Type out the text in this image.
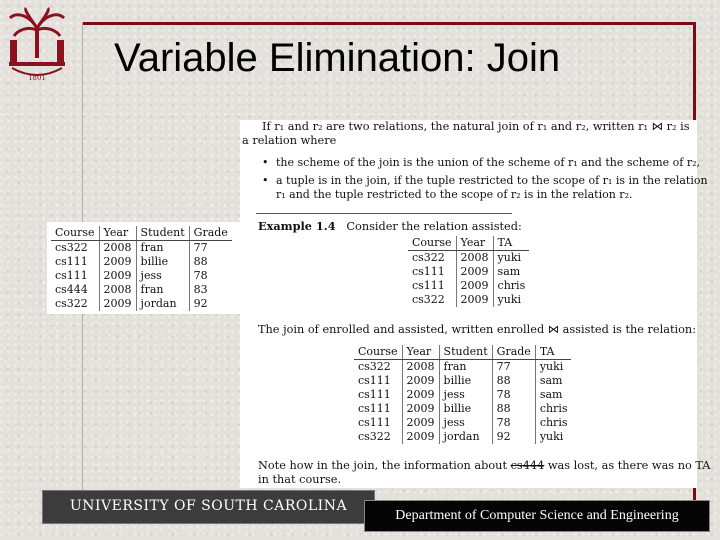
1801 Variable Elimination: Join
Course	Year	Student	Grade
cs322	2008	fran	77
cs111	2009	billie	88
cs111	2009	jess	78
cs444	2008	fran	83
cs322	2009	jordan	92
If r₁ and r₂ are two relations, the natural join of r₁ and r₂, written r₁ ⋈ r₂ is
a relation where
• the scheme of the join is the union of the scheme of r₁ and the scheme of r₂,
• a tuple is in the join, if the tuple restricted to the scope of r₁ is in the relation
r₁ and the tuple restricted to the scope of r₂ is in the relation r₂.
Example 1.4 Consider the relation assisted:
Course	Year	TA
cs322	2008	yuki
cs111	2009	sam
cs111	2009	chris
cs322	2009	yuki
The join of enrolled and assisted, written enrolled ⋈ assisted is the relation:
Course	Year	Student	Grade	TA
cs322	2008	fran	77	yuki
cs111	2009	billie	88	sam
cs111	2009	jess	78	sam
cs111	2009	billie	88	chris
cs111	2009	jess	78	chris
cs322	2009	jordan	92	yuki
Note how in the join, the information about cs444 was lost, as there was no TA
in that course.
UNIVERSITY OF SOUTH CAROLINA
Department of Computer Science and Engineering
